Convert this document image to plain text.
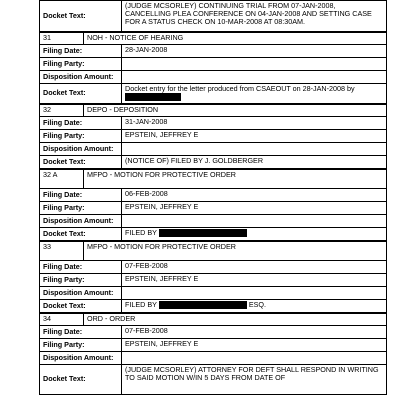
Docket Text:
(JUDGE MCSORLEY) CONTINUING TRIAL FROM 07-JAN-2008, CANCELLING PLEA CONFERENCE ON 04-JAN-2008 AND SETTING CASE FOR A STATUS CHECK ON 10-MAR-2008 AT 08:30AM.
31	NOH - NOTICE OF HEARING
Filing Date:	28-JAN-2008
Filing Party:
Disposition Amount:
Docket Text:	Docket entry for the letter produced from CSAEOUT on 28-JAN-2008 by
32	DEPO - DEPOSITION
Filing Date:	31-JAN-2008
Filing Party:	EPSTEIN, JEFFREY E
Disposition Amount:
Docket Text:	(NOTICE OF) FILED BY J. GOLDBERGER
32 A	MFPO - MOTION FOR PROTECTIVE ORDER
Filing Date:	06-FEB-2008
Filing Party:	EPSTEIN, JEFFREY E
Disposition Amount:
Docket Text:	FILED BY
33	MFPO - MOTION FOR PROTECTIVE ORDER
Filing Date:	07-FEB-2008
Filing Party:	EPSTEIN, JEFFREY E
Disposition Amount:
Docket Text:	FILED BY	ESQ.
34	ORD - ORDER
Filing Date:	07-FEB-2008
Filing Party:	EPSTEIN, JEFFREY E
Disposition Amount:
Docket Text:
(JUDGE MCSORLEY) ATTORNEY FOR DEFT SHALL RESPOND IN WRITING TO SAID MOTION W/IN 5 DAYS FROM DATE OF
